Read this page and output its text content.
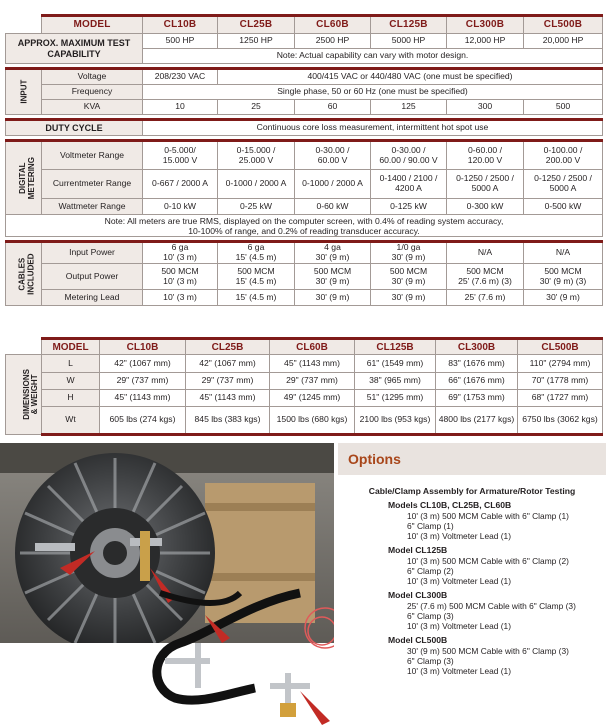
	MODEL	CL10B	CL25B	CL60B	CL125B	CL300B	CL500B
APPROX. MAXIMUM TEST CAPABILITY		500 HP	1250 HP	2500 HP	5000 HP	12,000 HP	20,000 HP
		Note: Actual capability can vary with motor design.					

INPUT	Voltage	208/230 VAC	400/415 VAC or 440/480 VAC (one must be specified)				
	Frequency	Single phase, 50 or 60 Hz (one must be specified)					
	KVA	10	25	60	125	300	500

DUTY CYCLE		Continuous core loss measurement, intermittent hot spot use					

DIGITAL
METERING	Voltmeter Range	0-5.000/
15.000 V	0-15.000 /
25.000 V	0-30.00 /
60.00 V	0-30.00 /
60.00 / 90.00 V	0-60.00 /
120.00 V	0-100.00 /
200.00 V
	Currentmeter Range	0-667 / 2000 A	0-1000 / 2000 A	0-1000 / 2000 A	0-1400 / 2100 /
4200 A	0-1250 / 2500 /
5000 A	0-1250 / 2500 /
5000 A
	Wattmeter Range	0-10 kW	0-25 kW	0-60 kW	0-125 kW	0-300 kW	0-500 kW
Note: All meters are true RMS, displayed on the computer screen, with 0.4% of reading system accuracy,
10-100% of range, and 0.2% of reading transducer accuracy.							

CABLES
INCLUDED	Input Power	6 ga
10' (3 m)	6 ga
15' (4.5 m)	4 ga
30' (9 m)	1/0 ga
30' (9 m)	N/A	N/A
	Output Power	500 MCM
10' (3 m)	500 MCM
15' (4.5 m)	500 MCM
30' (9 m)	500 MCM
30' (9 m)	500 MCM
25' (7.6 m) (3)	500 MCM
30' (9 m) (3)
	Metering Lead	10' (3 m)	15' (4.5 m)	30' (9 m)	30' (9 m)	25' (7.6 m)	30' (9 m)

	MODEL	CL10B	CL25B	CL60B	CL125B	CL300B	CL500B
DIMENSIONS
& WEIGHT	L	42" (1067 mm)	42" (1067 mm)	45" (1143 mm)	61" (1549 mm)	83" (1676 mm)	110" (2794 mm)
	W	29" (737 mm)	29" (737 mm)	29" (737 mm)	38" (965 mm)	66" (1676 mm)	70" (1778 mm)
	H	45" (1143 mm)	45" (1143 mm)	49" (1245 mm)	51" (1295 mm)	69" (1753 mm)	68" (1727 mm)
	Wt	605 lbs (274 kgs)	845 lbs (383 kgs)	1500 lbs (680 kgs)	2100 lbs (953 kgs)	4800 lbs (2177 kgs)	6750 lbs (3062 kgs)
Options
Cable/Clamp Assembly for Armature/Rotor Testing
Models CL10B, CL25B, CL60B
10' (3 m) 500 MCM Cable with 6" Clamp (1)
6" Clamp (1)
10' (3 m) Voltmeter Lead (1)
Model CL125B
10' (3 m) 500 MCM Cable with 6" Clamp (2)
6" Clamp (2)
10' (3 m) Voltmeter Lead (1)
Model CL300B
25' (7.6 m) 500 MCM Cable with 6" Clamp (3)
6" Clamp (3)
10' (3 m) Voltmeter Lead (1)
Model CL500B
30' (9 m) 500 MCM Cable with 6" Clamp (3)
6" Clamp (3)
10' (3 m) Voltmeter Lead (1)
